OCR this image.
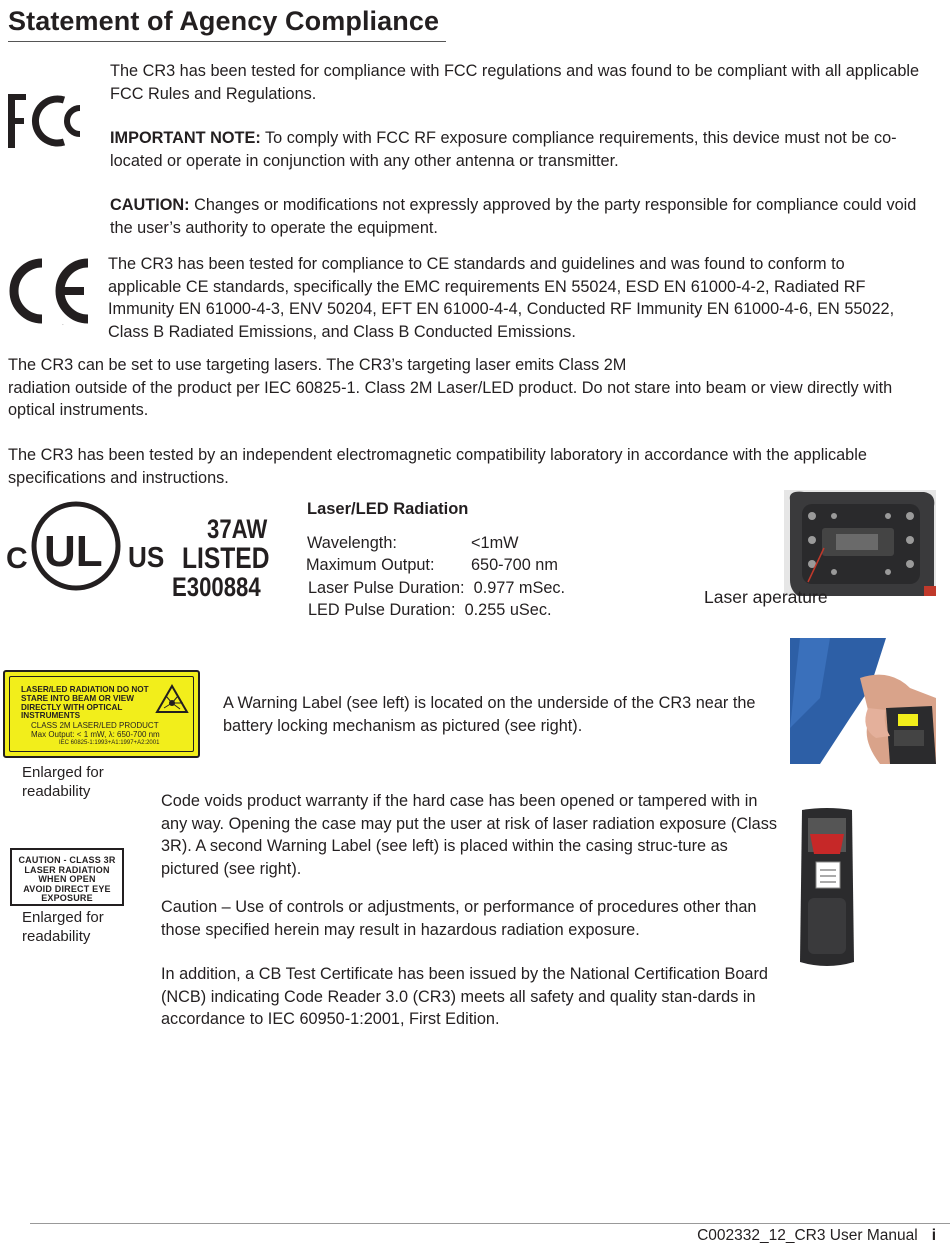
Statement of Agency Compliance
FCC
The CR3 has been tested for compliance with FCC regulations and was found to be compliant with all applicable FCC Rules and Regulations.
IMPORTANT NOTE: To comply with FCC RF exposure compliance requirements, this device must not be co-located or operate in conjunction with any other antenna or transmitter.
CAUTION: Changes or modifications not expressly approved by the party responsible for compliance could void the user’s authority to operate the equipment.
CE
The CR3 has been tested for compliance to CE standards and guidelines and was found to conform to applicable CE standards, specifically the EMC requirements EN 55024, ESD EN 61000-4-2, Radiated RF Immunity EN 61000-4-3, ENV 50204, EFT EN 61000-4-4, Conducted RF Immunity EN 61000-4-6, EN 55022, Class B Radiated Emissions, and Class B Conducted Emissions.
The CR3 can be set to use targeting lasers. The CR3’s targeting laser emits Class 2M
radiation outside of the product per IEC 60825-1. Class 2M Laser/LED product. Do not stare into beam or view directly with optical instruments.
The CR3 has been tested by an independent electromagnetic compatibility laboratory in accordance with the applicable specifications and instructions.
C UL US
37AW
LISTED
E300884
Laser/LED Radiation
Wavelength:	<1mW
Maximum Output: 650-700 nm
Laser Pulse Duration: 0.977 mSec.
LED Pulse Duration: 0.255 uSec.
Laser aperature
LASER/LED RADIATION DO NOT
STARE INTO BEAM OR VIEW
DIRECTLY WITH OPTICAL
INSTRUMENTS
CLASS 2M LASER/LED PRODUCT
Max Output: < 1 mW, λ: 650-700 nm
IEC 60825-1:1993+A1:1997+A2:2001
Enlarged for readability
A Warning Label (see left) is located on the underside of the CR3 near the battery locking mechanism as pictured (see right).
CAUTION - CLASS 3R
LASER RADIATION
WHEN OPEN
AVOID DIRECT EYE
EXPOSURE
Enlarged for readability
Code voids product warranty if the hard case has been opened or tampered with in any way. Opening the case may put the user at risk of laser radiation exposure (Class 3R). A second Warning Label (see left) is placed within the casing struc-ture as pictured (see right).
Caution – Use of controls or adjustments, or performance of procedures other than those specified herein may result in hazardous radiation exposure.
In addition, a CB Test Certificate has been issued by the National Certification Board (NCB) indicating Code Reader 3.0 (CR3) meets all safety and quality stan-dards in accordance to IEC 60950-1:2001, First Edition.
C002332_12_CR3 User Manual i
